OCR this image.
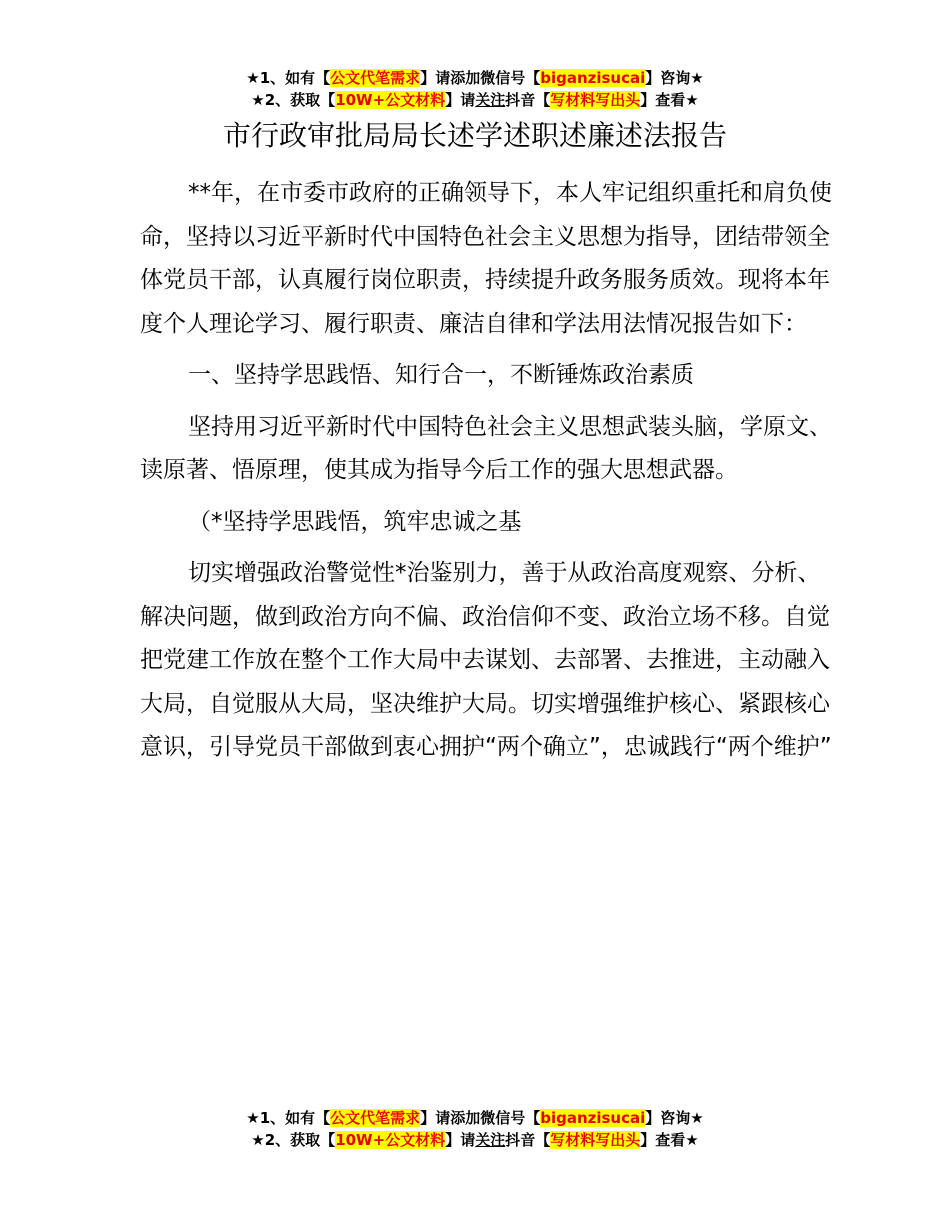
★1、如有【公文代笔需求】请添加微信号【biganzisucai】咨询★
★2、获取【10W+公文材料】请关注抖音【写材料写出头】查看★
市行政审批局局长述学述职述廉述法报告

**年，在市委市政府的正确领导下，本人牢记组织重托和肩负使命，坚持以习近平新时代中国特色社会主义思想为指导，团结带领全体党员干部，认真履行岗位职责，持续提升政务服务质效。现将本年度个人理论学习、履行职责、廉洁自律和学法用法情况报告如下：

一、坚持学思践悟、知行合一，不断锤炼政治素质

坚持用习近平新时代中国特色社会主义思想武装头脑，学原文、读原著、悟原理，使其成为指导今后工作的强大思想武器。

（*坚持学思践悟，筑牢忠诚之基

切实增强政治警觉性*治鉴别力，善于从政治高度观察、分析、解决问题，做到政治方向不偏、政治信仰不变、政治立场不移。自觉把党建工作放在整个工作大局中去谋划、去部署、去推进，主动融入大局，自觉服从大局，坚决维护大局。切实增强维护核心、紧跟核心意识，引导党员干部做到衷心拥护“两个确立”，忠诚践行“两个维护”

★1、如有【公文代笔需求】请添加微信号【biganzisucai】咨询★
★2、获取【10W+公文材料】请关注抖音【写材料写出头】查看★
